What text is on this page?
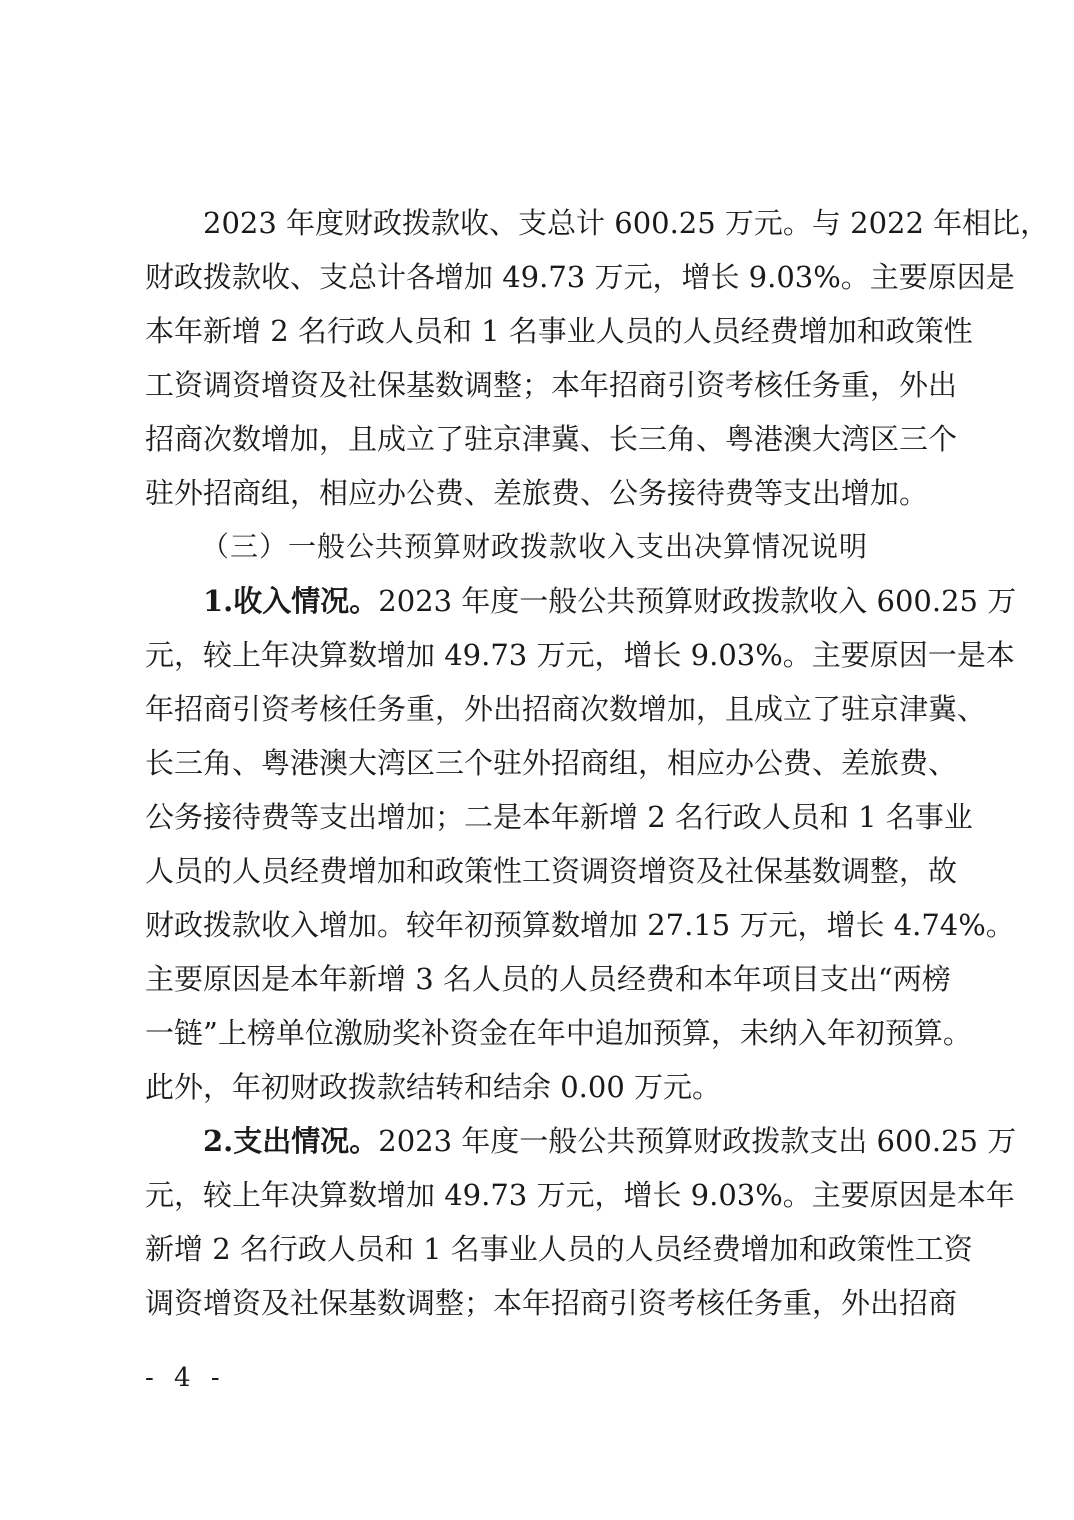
2023 年度财政拨款收、支总计 600.25 万元。与 2022 年相比，
财政拨款收、支总计各增加 49.73 万元，增长 9.03%。主要原因是
本年新增 2 名行政人员和 1 名事业人员的人员经费增加和政策性
工资调资增资及社保基数调整；本年招商引资考核任务重，外出
招商次数增加，且成立了驻京津冀、长三角、粤港澳大湾区三个
驻外招商组，相应办公费、差旅费、公务接待费等支出增加。
（三）一般公共预算财政拨款收入支出决算情况说明
1.收入情况。2023 年度一般公共预算财政拨款收入 600.25 万
元，较上年决算数增加 49.73 万元，增长 9.03%。主要原因一是本
年招商引资考核任务重，外出招商次数增加，且成立了驻京津冀、
长三角、粤港澳大湾区三个驻外招商组，相应办公费、差旅费、
公务接待费等支出增加；二是本年新增 2 名行政人员和 1 名事业
人员的人员经费增加和政策性工资调资增资及社保基数调整，故
财政拨款收入增加。较年初预算数增加 27.15 万元，增长 4.74%。
主要原因是本年新增 3 名人员的人员经费和本年项目支出“两榜
一链”上榜单位激励奖补资金在年中追加预算，未纳入年初预算。
此外，年初财政拨款结转和结余 0.00 万元。
2.支出情况。2023 年度一般公共预算财政拨款支出 600.25 万
元，较上年决算数增加 49.73 万元，增长 9.03%。主要原因是本年
新增 2 名行政人员和 1 名事业人员的人员经费增加和政策性工资
调资增资及社保基数调整；本年招商引资考核任务重，外出招商
- 4 -
